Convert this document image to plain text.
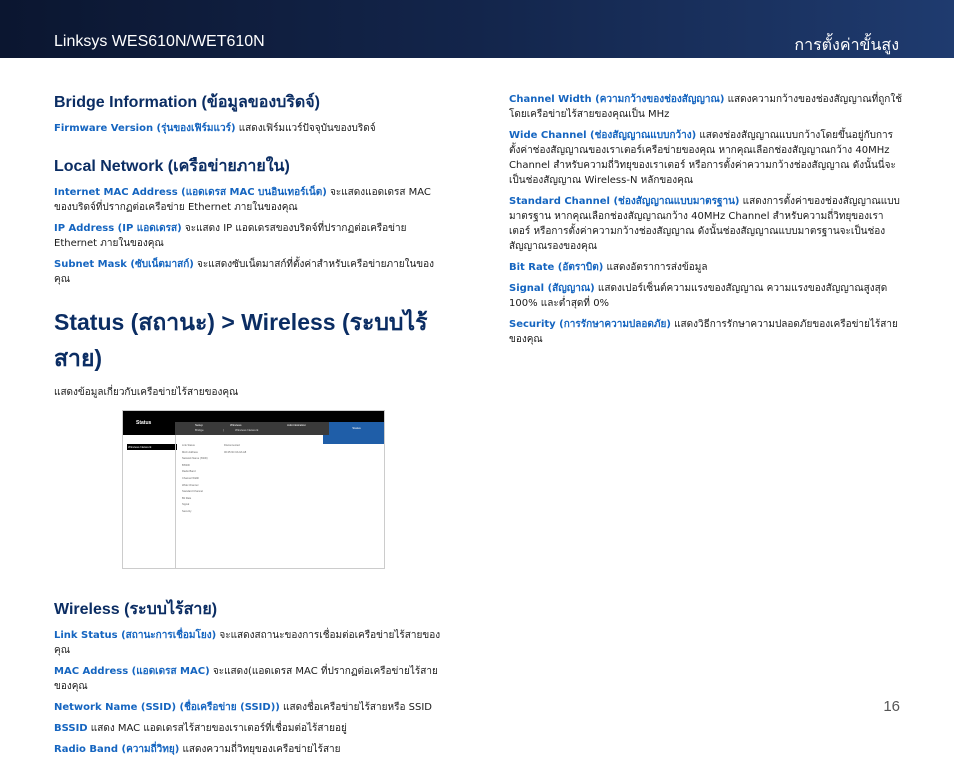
Linksys WES610N/WET610N	การตั้งค่าขั้นสูง
Bridge Information (ข้อมูลของบริดจ์)

Firmware Version (รุ่นของเฟิร์มแวร์) แสดงเฟิร์มแวร์ปัจจุบันของบริดจ์

Local Network (เครือข่ายภายใน)

Internet MAC Address (แอดเดรส MAC บนอินเทอร์เน็ต) จะแสดงแอดเดรส MAC ของบริดจ์ที่ปรากฏต่อเครือข่าย Ethernet ภายในของคุณ

IP Address (IP แอดเดรส) จะแสดง IP แอดเดรสของบริดจ์ที่ปรากฏต่อเครือข่าย Ethernet ภายในของคุณ

Subnet Mask (ซับเน็ตมาสก์) จะแสดงซับเน็ตมาสก์ที่ตั้งค่าสำหรับเครือข่ายภายในของคุณ

Status (สถานะ) > Wireless (ระบบไร้สาย)

แสดงข้อมูลเกี่ยวกับเครือข่ายไร้สายของคุณ

Status	Setup	Wireless	Administration
Bridge	|	Wireless Network	Status
Wireless Network	Link Status	Disconnected
MAC Address	00:25:9C:0A:0A:A8
Network Name (SSID)
BSSID
Radio Band
Channel Width
Wide Channel
Standard Channel
Bit Rate
Signal
Security
Wireless (ระบบไร้สาย)

Link Status (สถานะการเชื่อมโยง) จะแสดงสถานะของการเชื่อมต่อเครือข่ายไร้สายของคุณ

MAC Address (แอดเดรส MAC) จะแสดง(แอดเดรส MAC ที่ปรากฏต่อเครือข่ายไร้สายของคุณ

Network Name (SSID) (ชื่อเครือข่าย (SSID)) แสดงชื่อเครือข่ายไร้สายหรือ SSID

BSSID แสดง MAC แอดเดรสไร้สายของเราเตอร์ที่เชื่อมต่อไร้สายอยู่

Radio Band (ความถี่วิทยุ) แสดงความถี่วิทยุของเครือข่ายไร้สาย

Channel Width (ความกว้างของช่องสัญญาณ) แสดงความกว้างของช่องสัญญาณที่ถูกใช้โดยเครือข่ายไร้สายของคุณเป็น MHz

Wide Channel (ช่องสัญญาณแบบกว้าง) แสดงช่องสัญญาณแบบกว้างโดยขึ้นอยู่กับการตั้งค่าช่องสัญญาณของเราเตอร์เครือข่ายของคุณ หากคุณเลือกช่องสัญญาณกว้าง 40MHz Channel สำหรับความถี่วิทยุของเราเตอร์ หรือการตั้งค่าความกว้างช่องสัญญาณ ดังนั้นนี่จะเป็นช่องสัญญาณ Wireless-N หลักของคุณ

Standard Channel (ช่องสัญญาณแบบมาตรฐาน) แสดงการตั้งค่าของช่องสัญญาณแบบมาตรฐาน หากคุณเลือกช่องสัญญาณกว้าง 40MHz Channel สำหรับความถี่วิทยุของเราเตอร์ หรือการตั้งค่าความกว้างช่องสัญญาณ ดังนั้นช่องสัญญาณแบบมาตรฐานจะเป็นช่องสัญญาณรองของคุณ

Bit Rate (อัตราบิต) แสดงอัตราการส่งข้อมูล

Signal (สัญญาณ) แสดงเปอร์เซ็นต์ความแรงของสัญญาณ ความแรงของสัญญาณสูงสุด 100% และต่ำสุดที่ 0%

Security (การรักษาความปลอดภัย) แสดงวิธีการรักษาความปลอดภัยของเครือข่ายไร้สายของคุณ

16
